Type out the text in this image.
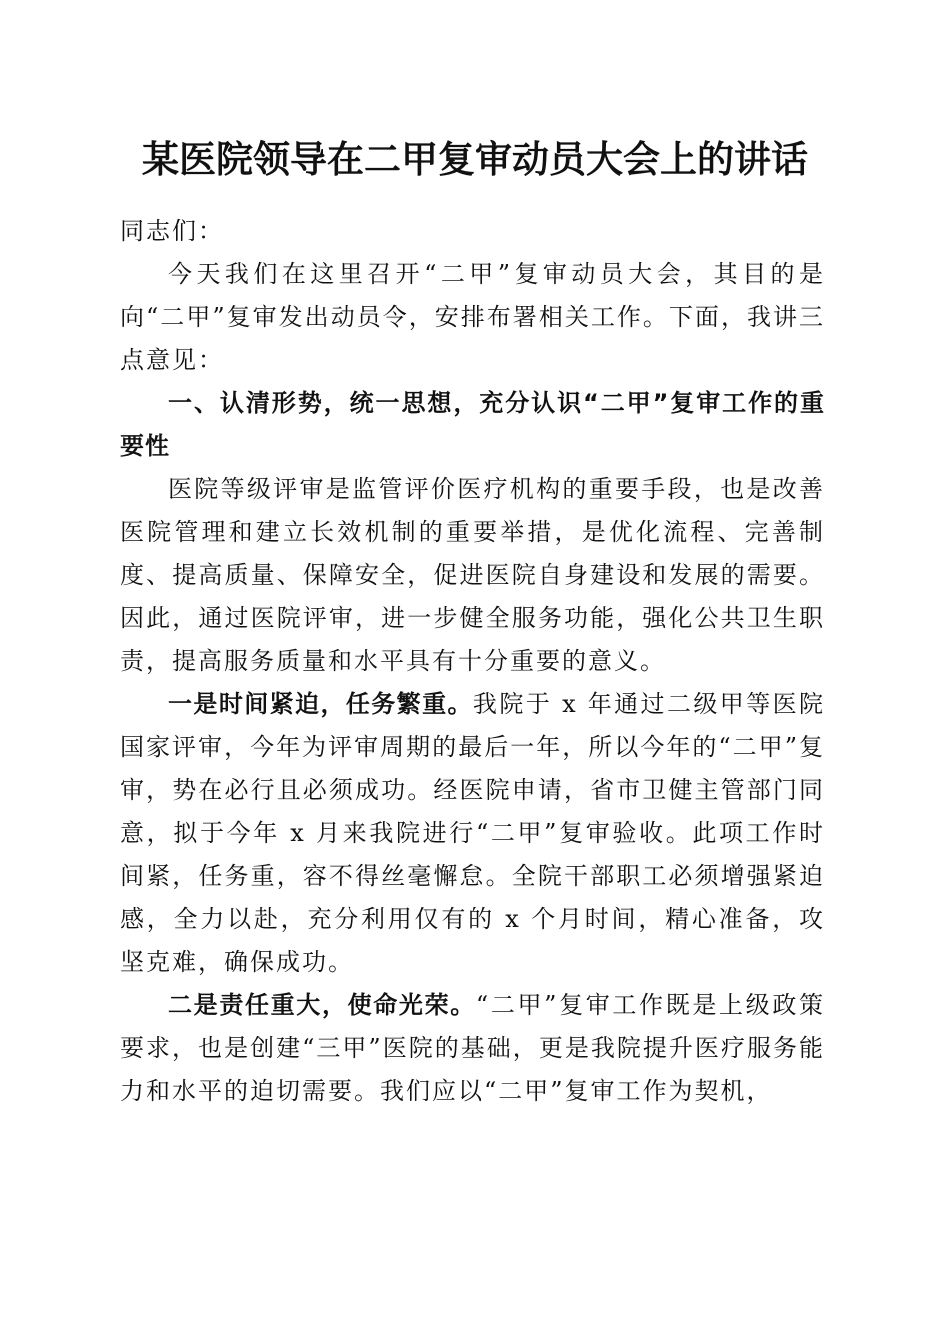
某医院领导在二甲复审动员大会上的讲话

同志们：

今天我们在这里召开“二甲”复审动员大会，其目的是向“二甲”复审发出动员令，安排布署相关工作。下面，我讲三点意见：

一、认清形势，统一思想，充分认识“二甲”复审工作的重要性

医院等级评审是监管评价医疗机构的重要手段，也是改善医院管理和建立长效机制的重要举措，是优化流程、完善制度、提高质量、保障安全，促进医院自身建设和发展的需要。因此，通过医院评审，进一步健全服务功能，强化公共卫生职责，提高服务质量和水平具有十分重要的意义。

一是时间紧迫，任务繁重。我院于 x 年通过二级甲等医院国家评审，今年为评审周期的最后一年，所以今年的“二甲”复审，势在必行且必须成功。经医院申请，省市卫健主管部门同意，拟于今年 x 月来我院进行“二甲”复审验收。此项工作时间紧，任务重，容不得丝毫懈怠。全院干部职工必须增强紧迫感，全力以赴，充分利用仅有的 x 个月时间，精心准备，攻坚克难，确保成功。

二是责任重大，使命光荣。“二甲”复审工作既是上级政策要求，也是创建“三甲”医院的基础，更是我院提升医疗服务能力和水平的迫切需要。我们应以“二甲”复审工作为契机，
